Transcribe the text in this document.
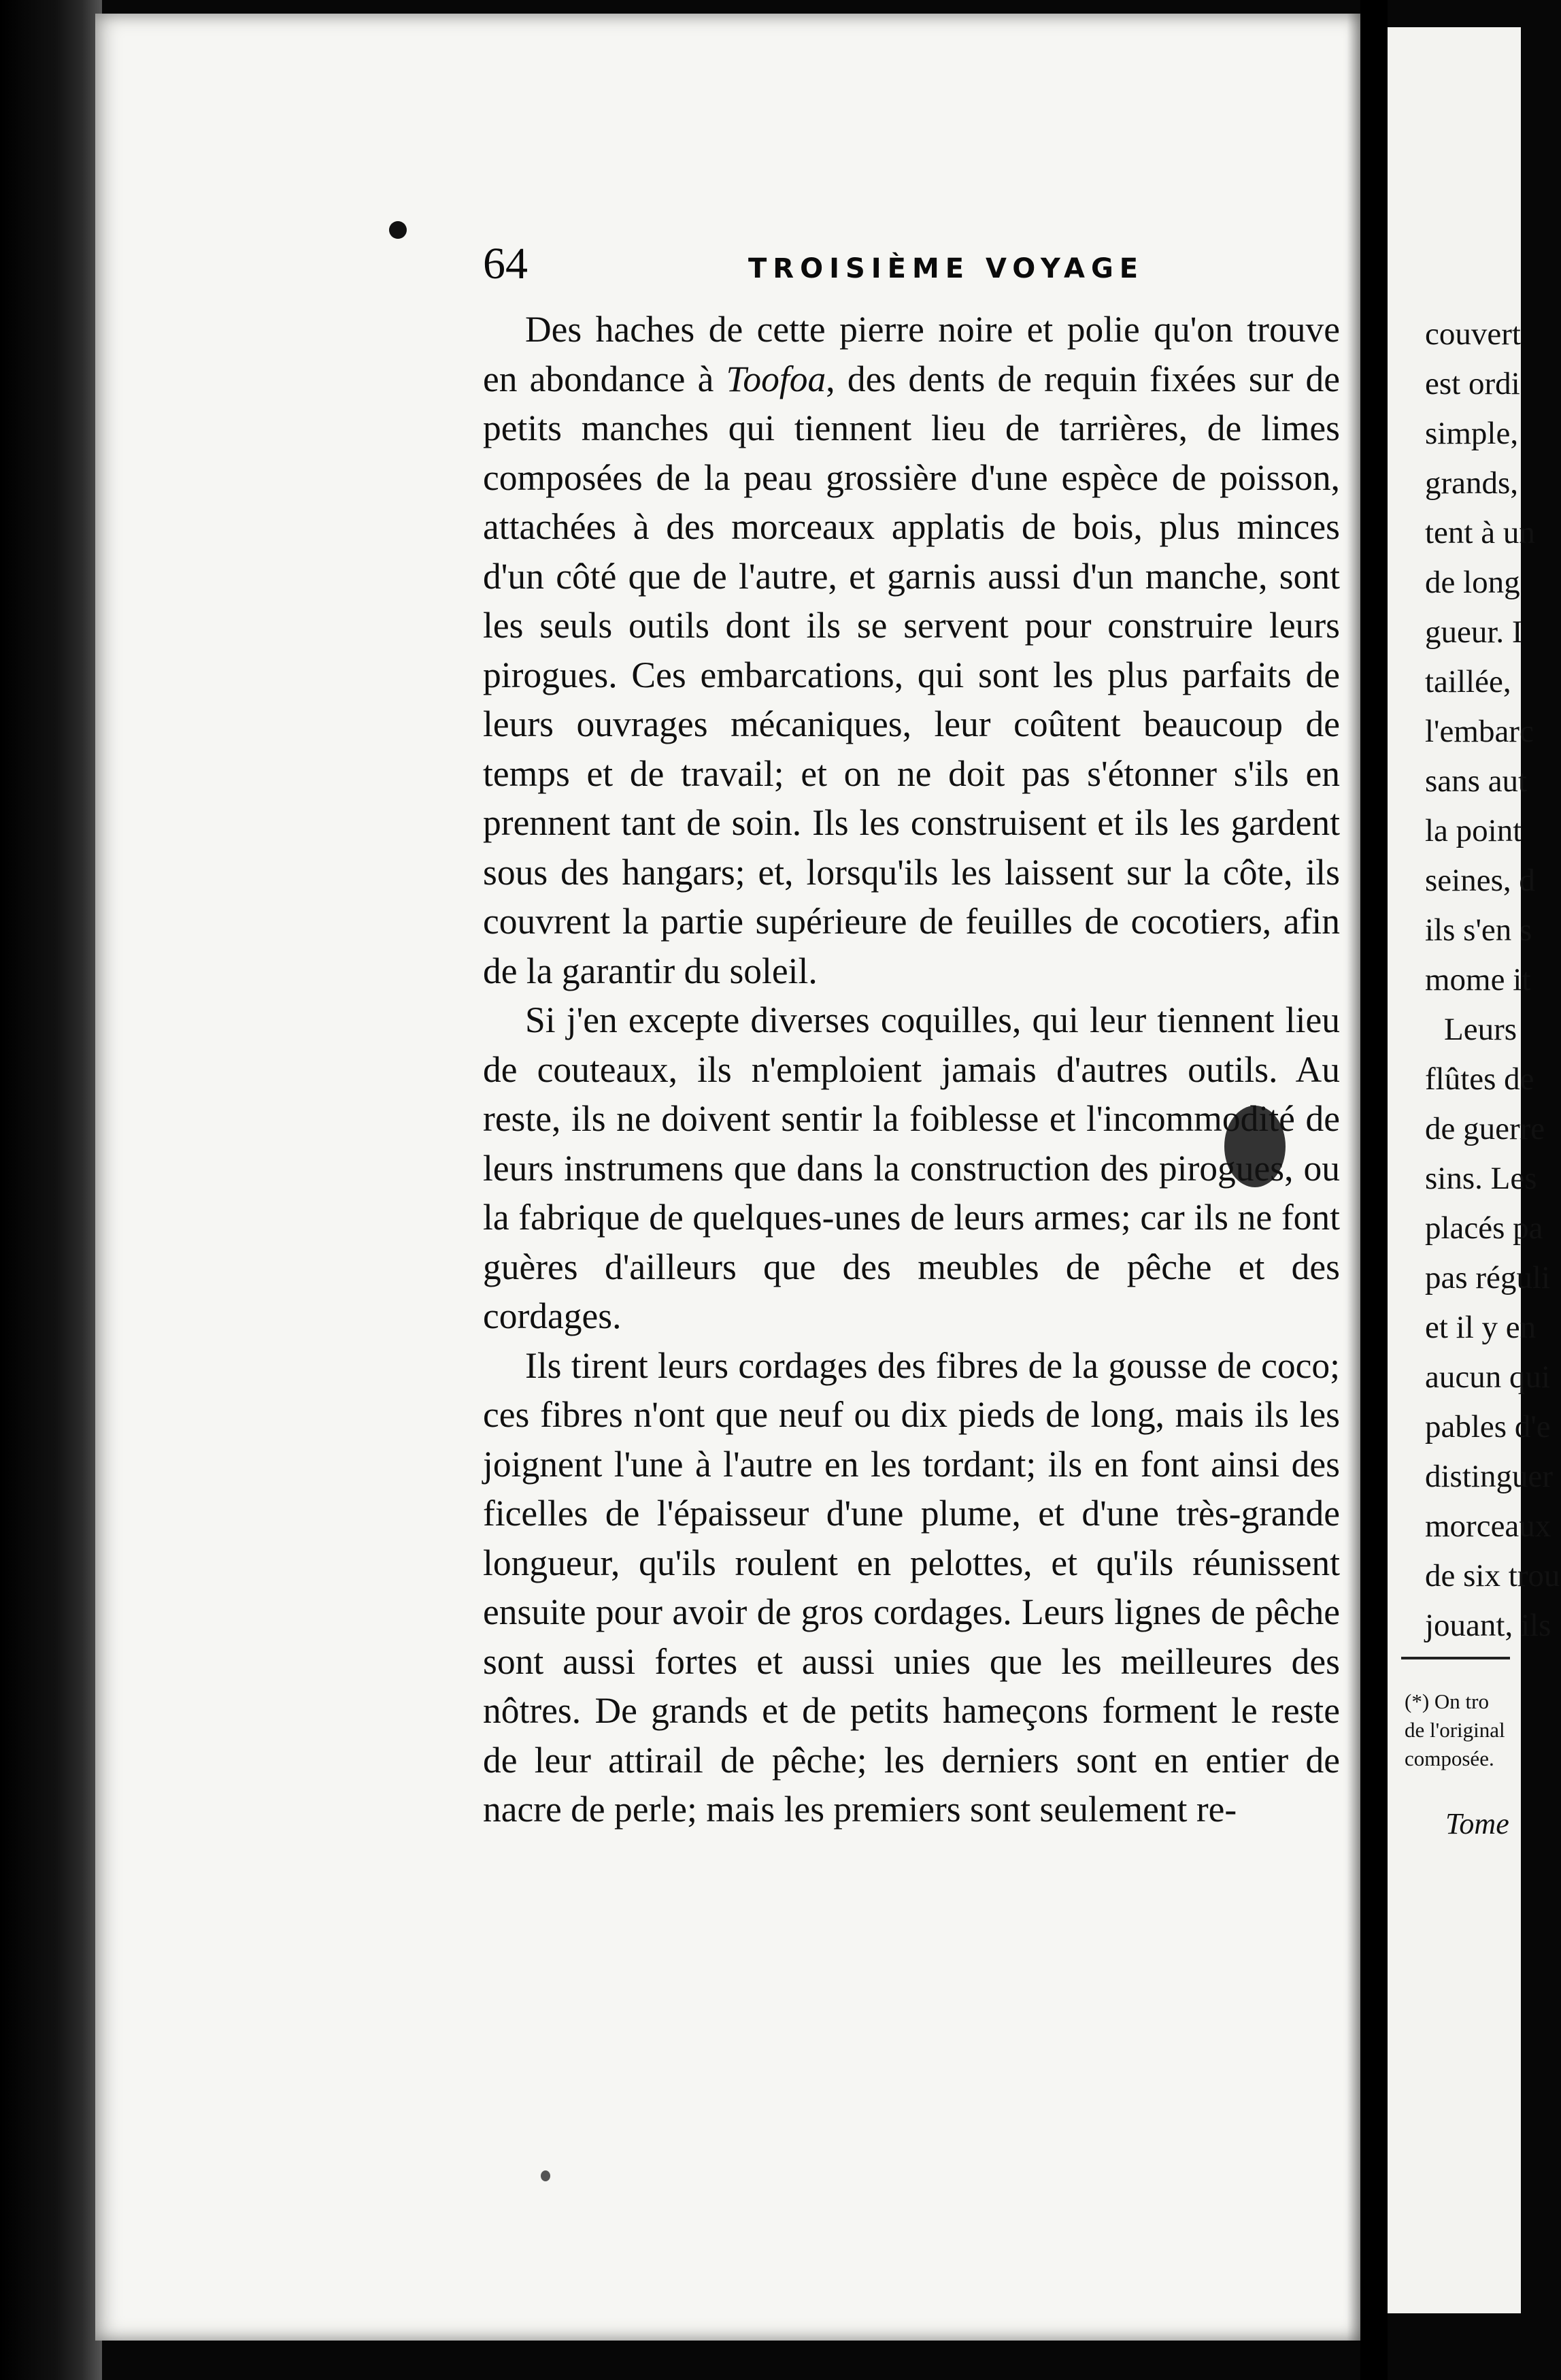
64	TROISIÈME VOYAGE

Des haches de cette pierre noire et polie qu'on trouve en abondance à Toofoa, des dents de requin fixées sur de petits manches qui tiennent lieu de tarrières, de limes composées de la peau grossière d'une espèce de poisson, attachées à des morceaux applatis de bois, plus minces d'un côté que de l'autre, et garnis aussi d'un manche, sont les seuls outils dont ils se servent pour construire leurs pirogues. Ces embarcations, qui sont les plus parfaits de leurs ouvrages mécaniques, leur coûtent beaucoup de temps et de travail; et on ne doit pas s'étonner s'ils en prennent tant de soin. Ils les construisent et ils les gardent sous des hangars; et, lorsqu'ils les laissent sur la côte, ils couvrent la partie supérieure de feuilles de cocotiers, afin de la garantir du soleil.

Si j'en excepte diverses coquilles, qui leur tiennent lieu de couteaux, ils n'emploient jamais d'autres outils. Au reste, ils ne doivent sentir la foiblesse et l'incommodité de leurs instrumens que dans la construction des pirogues, ou la fabrique de quelques-unes de leurs armes; car ils ne font guères d'ailleurs que des meubles de pêche et des cordages.

Ils tirent leurs cordages des fibres de la gousse de coco; ces fibres n'ont que neuf ou dix pieds de long, mais ils les joignent l'une à l'autre en les tordant; ils en font ainsi des ficelles de l'épaisseur d'une plume, et d'une très-grande longueur, qu'ils roulent en pelottes, et qu'ils réunissent ensuite pour avoir de gros cordages. Leurs lignes de pêche sont aussi fortes et aussi unies que les meilleures des nôtres. De grands et de petits hameçons forment le reste de leur attirail de pêche; les derniers sont en entier de nacre de perle; mais les premiers sont seulement re-

couvert
est ordi
simple,
grands,
tent à un
de long
gueur. I
taillée,
l'embarc
sans aut
la point
seines, d
ils s'en s
mome it
Leurs
flûtes de
de guerre
sins. Les
placés pa
pas réguli
et il y en
aucun qui
pables d'e
distinguer
morceaux
de six trou
jouant, ils
(*) On tro
de l'original
composée.
Tome
